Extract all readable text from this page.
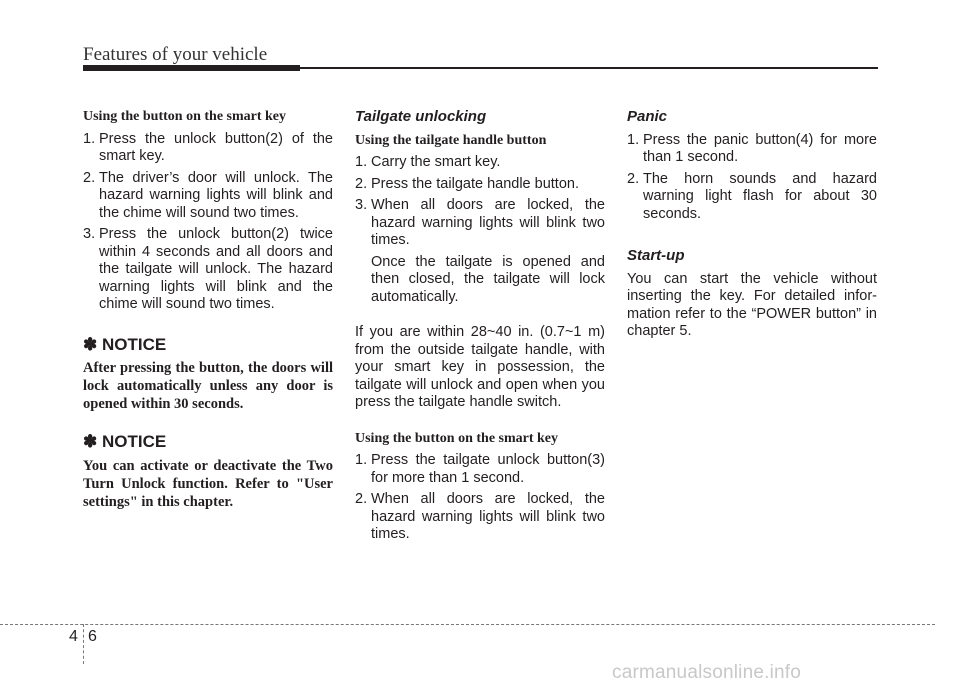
Features of your vehicle

Using the button on the smart key

1. Press the unlock button(2) of the smart key.
2. The driver’s door will unlock. The hazard warning lights will blink and the chime will sound two times.
3. Press the unlock button(2) twice within 4 seconds and all doors and the tailgate will unlock. The hazard warning lights will blink and the chime will sound two times.

✽ NOTICE

After pressing the button, the doors will lock automatically unless any door is opened within 30 seconds.

✽ NOTICE

You can activate or deactivate the Two Turn Unlock function. Refer to "User settings" in this chapter.

Tailgate unlocking

Using the tailgate handle button

1. Carry the smart key.
2. Press the tailgate handle button.
3. When all doors are locked, the hazard warning lights will blink two times.
Once the tailgate is opened and then closed, the tailgate will lock automatically.

If you are within 28~40 in. (0.7~1 m) from the outside tailgate handle, with your smart key in possession, the tailgate will unlock and open when you press the tailgate handle switch.

Using the button on the smart key

1. Press the tailgate unlock button(3) for more than 1 second.
2. When all doors are locked, the hazard warning lights will blink two times.

Panic

1. Press the panic button(4) for more than 1 second.
2. The horn sounds and hazard warning light flash for about 30 seconds.

Start-up

You can start the vehicle without inserting the key. For detailed infor-mation refer to the “POWER button” in chapter 5.

4 6
carmanualsonline.info
